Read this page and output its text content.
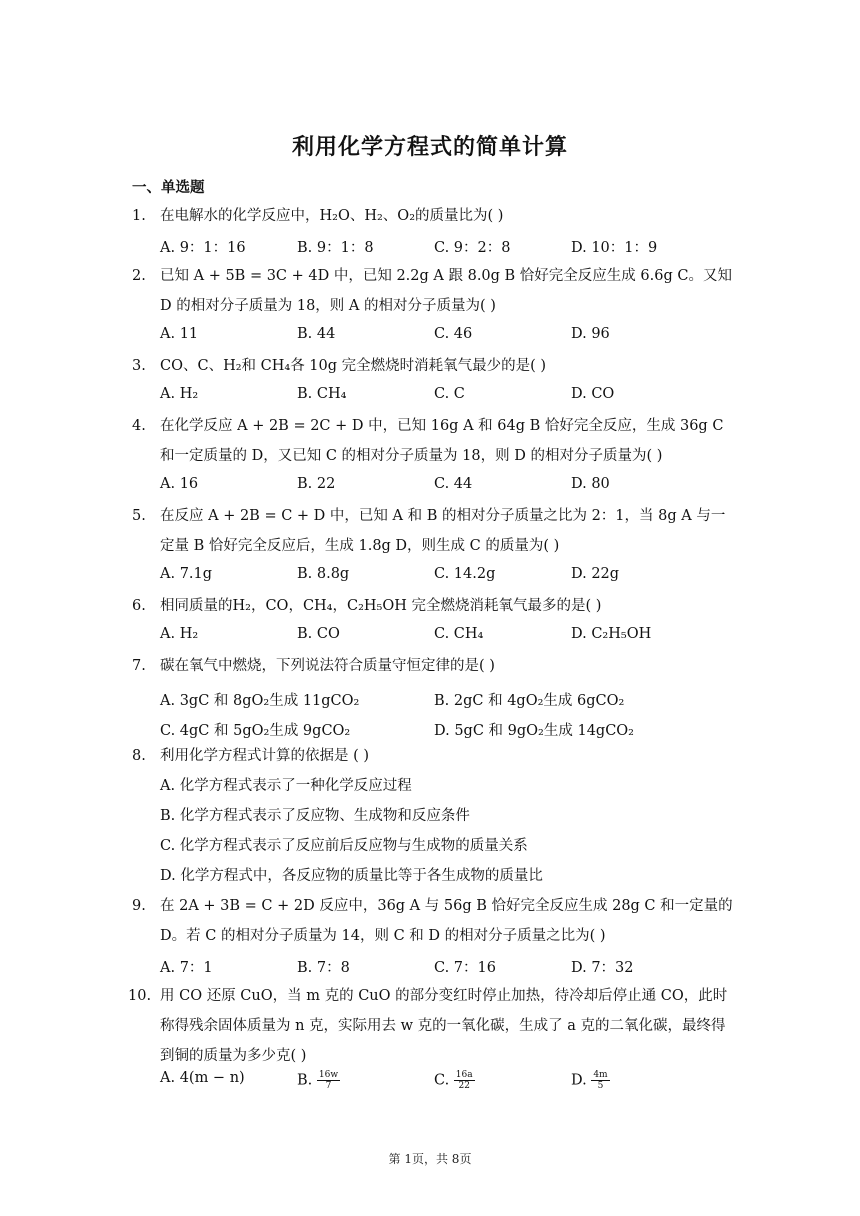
利用化学方程式的简单计算
一、单选题
1. 在电解水的化学反应中，H₂O、H₂、O₂的质量比为( )
A. 9：1：16	B. 9：1：8	C. 9：2：8	D. 10：1：9
2. 已知 A + 5B = 3C + 4D 中，已知 2.2g A 跟 8.0g B 恰好完全反应生成 6.6g C。又知 D 的相对分子质量为 18，则 A 的相对分子质量为( )
A. 11	B. 44	C. 46	D. 96
3. CO、C、H₂和 CH₄各 10g 完全燃烧时消耗氧气最少的是( )
A. H₂	B. CH₄	C. C	D. CO
4. 在化学反应 A + 2B = 2C + D 中，已知 16g A 和 64g B 恰好完全反应，生成 36g C 和一定质量的 D，又已知 C 的相对分子质量为 18，则 D 的相对分子质量为( )
A. 16	B. 22	C. 44	D. 80
5. 在反应 A + 2B = C + D 中，已知 A 和 B 的相对分子质量之比为 2：1，当 8g A 与一定量 B 恰好完全反应后，生成 1.8g D，则生成 C 的质量为( )
A. 7.1g	B. 8.8g	C. 14.2g	D. 22g
6. 相同质量的H₂，CO，CH₄，C₂H₅OH 完全燃烧消耗氧气最多的是( )
A. H₂	B. CO	C. CH₄	D. C₂H₅OH
7. 碳在氧气中燃烧，下列说法符合质量守恒定律的是( )
A. 3gC 和 8gO₂生成 11gCO₂	B. 2gC 和 4gO₂生成 6gCO₂ C. 4gC 和 5gO₂生成 9gCO₂	D. 5gC 和 9gO₂生成 14gCO₂
8. 利用化学方程式计算的依据是 ( )
A. 化学方程式表示了一种化学反应过程
B. 化学方程式表示了反应物、生成物和反应条件
C. 化学方程式表示了反应前后反应物与生成物的质量关系
D. 化学方程式中，各反应物的质量比等于各生成物的质量比
9. 在 2A + 3B = C + 2D 反应中，36g A 与 56g B 恰好完全反应生成 28g C 和一定量的 D。若 C 的相对分子质量为 14，则 C 和 D 的相对分子质量之比为( )
A. 7：1	B. 7：8	C. 7：16	D. 7：32
10. 用 CO 还原 CuO，当 m 克的 CuO 的部分变红时停止加热，待冷却后停止通 CO，此时称得残余固体质量为 n 克，实际用去 w 克的一氧化碳，生成了 a 克的二氧化碳，最终得到铜的质量为多少克( )
A. 4(m − n)	B. $\frac{16w}{7}$	C. $\frac{16a}{22}$	D. $\frac{4m}{5}$
第 1页，共 8页
